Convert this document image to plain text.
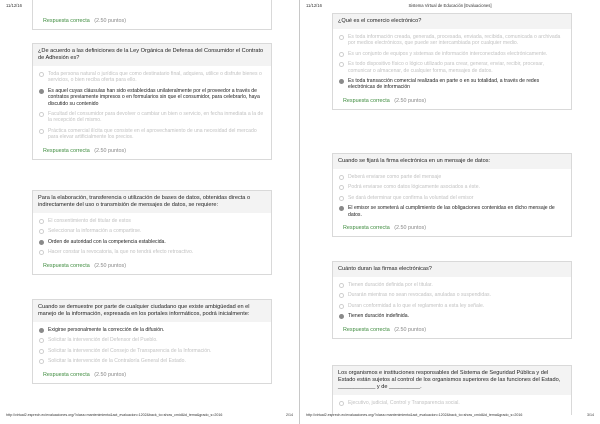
11/12/16
Respuesta correcta (2.50 puntos)
¿De acuerdo a las definiciones de la Ley Orgánica de Defensa del Consumidor el Contrato de Adhesión es?
Toda persona natural o jurídica que como destinatario final, adquiera, utilice o disfrute bienes o servicios, o bien reciba oferta para ello.
Es aquel cuyas cláusulas han sido establecidas unilateralmente por el proveedor a través de contratos previamente impresos o en formularios sin que el consumidor, para celebrarlo, haya discutido su contenido
Facultad del consumidor para devolver o cambiar un bien o servicio, en fecha inmediata a la de la recepción del mismo.
Práctica comercial ilícita que consiste en el aprovechamiento de una necesidad del mercado para elevar artificialmente los precios.
Respuesta correcta (2.50 puntos)
Para la elaboración, transferencia o utilización de bases de datos, obtenidas directa o indirectamente del uso o transmisión de mensajes de datos, se requiere:
El consentimiento del titular de estos
Seleccionar la información a compartirse.
Orden de autoridad con la competencia establecida.
Hacer constar la revocatoria, la que no tendrá efecto retroactivo.
Respuesta correcta (2.50 puntos)
Cuando se demuestre por parte de cualquier ciudadano que existe ambigüedad en el manejo de la información, expresada en los portales informáticos, podrá inicialmente:
Exigirse personalmente la corrección de la difusión.
Solicitar la intervención del Defensor del Pueblo.
Solicitar la intervención del Consejo de Transparencia de la Información.
Solicitar la intervención de la Contraloría General del Estado.
Respuesta correcta (2.50 puntos)
http://virtual2.esprech.ec/evaluaciones.org/?class=mantenimiento&act_evaluacion=1202&back_to=show_cmid&id_tema&grado_s=2016	2/14
11/12/16	Sistema Virtual de Educación [Evaluaciones]
¿Qué es el comercio electrónico?
Es toda información creada, generada, procesada, enviada, recibida, comunicada o archivada por medios electrónicos, que puede ser intercambiada por cualquier medio.
Es un conjunto de equipos y sistemas de información interconectados electrónicamente.
Es todo dispositivo físico o lógico utilizado para crear, generar, enviar, recibir, procesar, comunicar o almacenar, de cualquier forma, mensajes de datos.
Es toda transacción comercial realizada en parte o en su totalidad, a través de redes electrónicas de información
Respuesta correcta (2.50 puntos)
Cuando se fijará la firma electrónica en un mensaje de datos:
Deberá enviarse como parte del mensaje
Podrá enviarse como datos lógicamente asociados a éste.
Se dará determinar que confirma la voluntad del emisor
El emisor se someterá al cumplimiento de las obligaciones contenidas en dicho mensaje de datos.
Respuesta correcta (2.50 puntos)
Cuánto duran las firmas electrónicas?
Tienen duración definida por el titular.
Durarán mientras no sean revocadas, anuladas o suspendidas.
Duran conformidad a lo que el reglamento a esta ley señale.
Tienen duración indefinida.
Respuesta correcta (2.50 puntos)
Los organismos e instituciones responsables del Sistema de Seguridad Pública y del Estado están sujetos al control de los organismos superiores de las funciones del Estado, ____________ y de __________.
Ejecutivo, judicial, Control y Transparencia social.
http://virtual2.esprech.ec/evaluaciones.org/?class=mantenimiento&act_evaluacion=1202&back_to=show_cmid&id_tema&grado_s=2016	3/14
